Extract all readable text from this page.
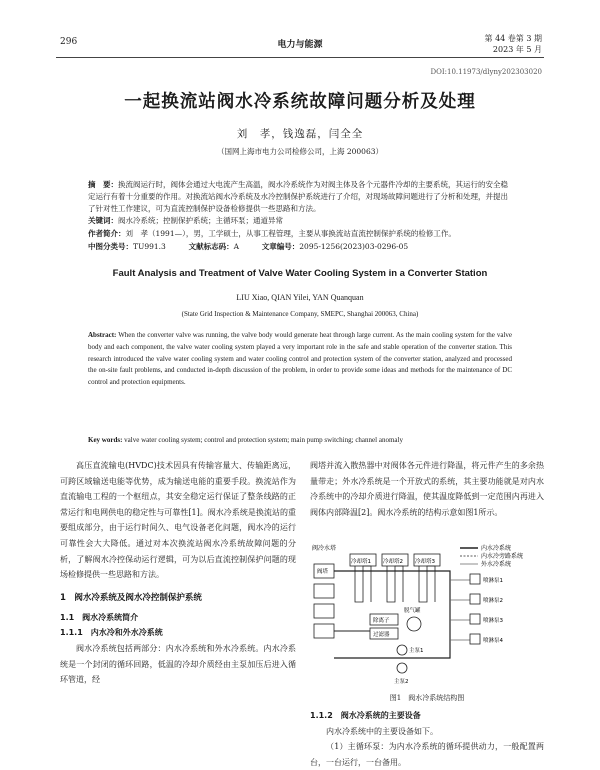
296	电力与能源
第 44 卷第 3 期
2023 年 5 月
DOI:10.11973/dlyny202303020
一起换流站阀水冷系统故障问题分析及处理
刘　孝，钱逸磊，闫全全
（国网上海市电力公司检修公司，上海 200063）
摘　要：换流阀运行时，阀体会通过大电流产生高温，阀水冷系统作为对阀主体及各个元器件冷却的主要系统，其运行的安全稳定运行有着十分重要的作用。对换流站阀水冷系统及水冷控制保护系统进行了介绍，对现场故障问题进行了分析和处理，并提出了针对性工作建议，可为直流控制保护设备检修提供一些思路和方法。
关键词：阀水冷系统；控制保护系统；主循环泵；通道异常
作者简介：刘　孝（1991—），男，工学硕士，从事工程管理，主要从事换流站直流控制保护系统的检修工作。
中图分类号：TU991.3	文献标志码：A	文章编号：2095-1256(2023)03-0296-05
Fault Analysis and Treatment of Valve Water Cooling System in a Converter Station
LIU Xiao, QIAN Yilei, YAN Quanquan
(State Grid Inspection & Maintenance Company, SMEPC, Shanghai 200063, China)
Abstract: When the converter valve was running, the valve body would generate heat through large current. As the main cooling system for the valve body and each component, the valve water cooling system played a very important role in the safe and stable operation of the converter station. This research introduced the valve water cooling system and water cooling control and protection system of the converter station, analyzed and processed the on-site fault problems, and conducted in-depth discussion of the problem, in order to provide some ideas and methods for the maintenance of DC control and protection equipments.
Key words: valve water cooling system; control and protection system; main pump switching; channel anomaly

高压直流输电(HVDC)技术因具有传输容量大、传输距离远，可跨区域输送电能等优势，成为输送电能的重要手段。换流站作为直流输电工程的一个枢纽点，其安全稳定运行保证了整条线路的正常运行和电网供电的稳定性与可靠性[1]。阀水冷系统是换流站的重要组成部分，由于运行时间久、电气设备老化问题，阀水冷的运行可靠性会大大降低。通过对本次换流站阀水冷系统故障问题的分析，了解阀水冷控保动运行逻辑，可为以后直流控制保护问题的现场检修提供一些思路和方法。

1　阀水冷系统及阀水冷控制保护系统

1.1　阀水冷系统简介

1.1.1　内水冷和外水冷系统

阀水冷系统包括两部分：内水冷系统和外水冷系统。内水冷系统是一个封闭的循环回路，低温的冷却介质经由主泵加压后进入循环管道，经

阀塔并流入散热器中对阀体各元件进行降温，将元件产生的多余热量带走；外水冷系统是一个开放式的系统，其主要功能就是对内水冷系统中的冷却介质进行降温，使其温度降低到一定范围内再进入阀体内部降温[2]。阀水冷系统的结构示意如图1所示。

内水冷系统
内水冷旁路系统
外水冷系统
阀冷水塔
阀塔
冷却塔1 冷却塔2 冷却塔3
除离子
过滤器
脱气罐
主泵1
主泵2
喷淋泵1
喷淋泵2
喷淋泵3
喷淋泵4
图1　阀水冷系统结构图

1.1.2　阀水冷系统的主要设备

内水冷系统中的主要设备如下。

（1）主循环泵：为内水冷系统的循环提供动力，一般配置两台，一台运行，一台备用。
